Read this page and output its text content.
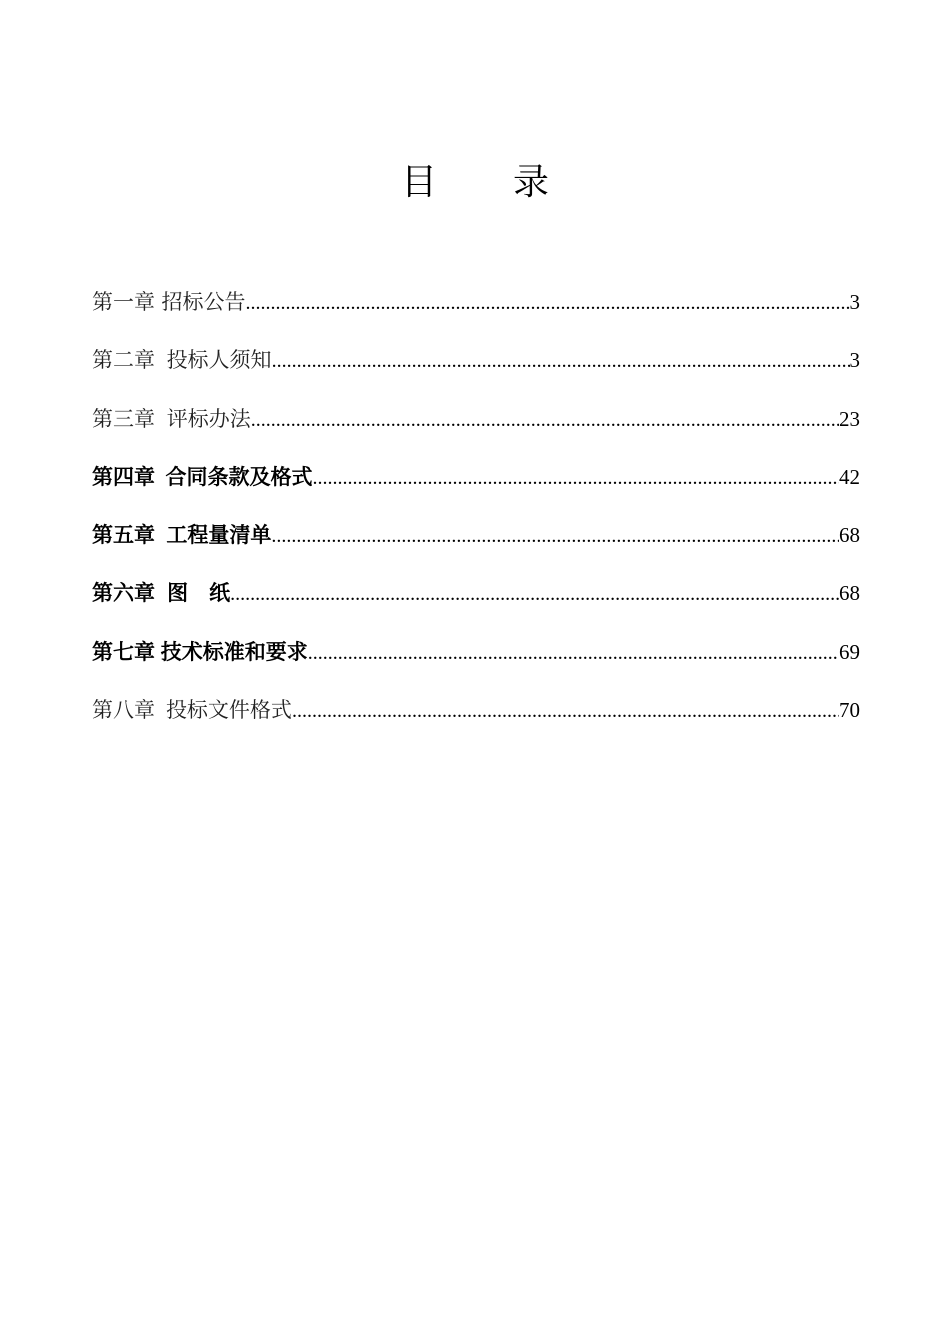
目 录
第一章 招标公告 .....	3
第二章 投标人须知 .....	3
第三章 评标办法 .....	23
第四章 合同条款及格式 .....	42
第五章 工程量清单 .....	68
第六章 图　纸 .....	68
第七章 技术标准和要求 .....	69
第八章 投标文件格式 .....	70
